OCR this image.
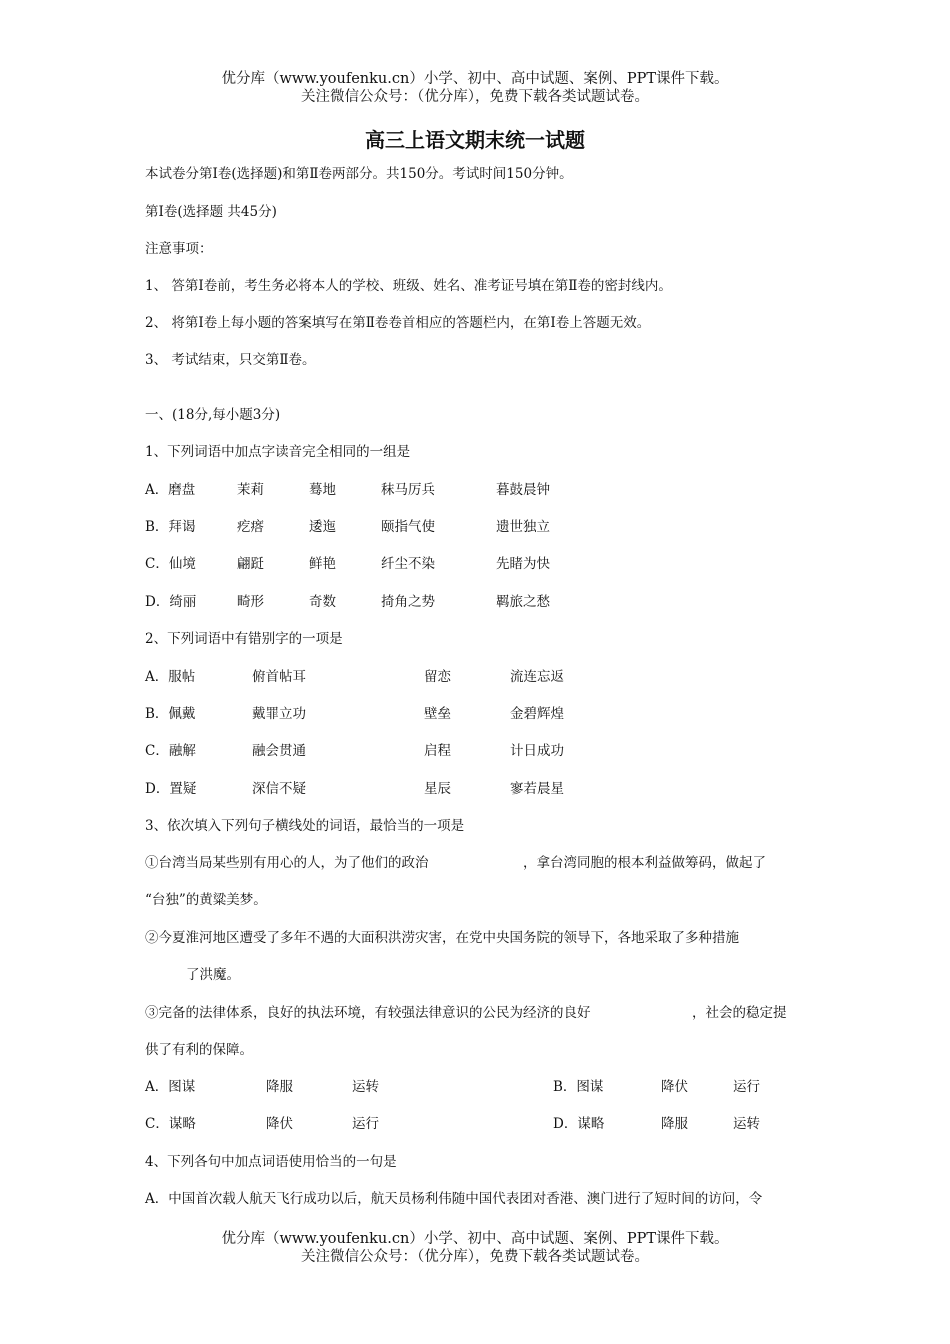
优分库（www.youfenku.cn）小学、初中、高中试题、案例、PPT课件下载。
关注微信公众号：（优分库），免费下载各类试题试卷。
高三上语文期末统一试题
本试卷分第Ⅰ卷(选择题)和第Ⅱ卷两部分。共150分。考试时间150分钟。
第Ⅰ卷(选择题 共45分)
注意事项：
1、 答第Ⅰ卷前，考生务必将本人的学校、班级、姓名、准考证号填在第Ⅱ卷的密封线内。
2、 将第Ⅰ卷上每小题的答案填写在第Ⅱ卷卷首相应的答题栏内，在第Ⅰ卷上答题无效。
3、 考试结束，只交第Ⅱ卷。
一、(18分,每小题3分)
1、下列词语中加点字读音完全相同的一组是
A．磨盘	茉莉	蓦地	秣马厉兵	暮鼓晨钟
B．拜谒	疙瘩	逶迤	颐指气使	遗世独立
C．仙境	翩跹	鲜艳	纤尘不染	先睹为快
D．绮丽	畸形	奇数	掎角之势	羁旅之愁
2、下列词语中有错别字的一项是
A．服帖	俯首帖耳	留恋	流连忘返
B．佩戴	戴罪立功	壁垒	金碧辉煌
C．融解	融会贯通	启程	计日成功
D．置疑	深信不疑	星辰	寥若晨星
3、依次填入下列句子横线处的词语，最恰当的一项是
①台湾当局某些别有用心的人，为了他们的政治	，拿台湾同胞的根本利益做筹码，做起了
“台独”的黄粱美梦。
②今夏淮河地区遭受了多年不遇的大面积洪涝灾害，在党中央国务院的领导下，各地采取了多种措施
了洪魔。
③完备的法律体系，良好的执法环境，有较强法律意识的公民为经济的良好	，社会的稳定提
供了有利的保障。
A．图谋	降服	运转	B．图谋	降伏	运行
C．谋略	降伏	运行	D．谋略	降服	运转
4、下列各句中加点词语使用恰当的一句是
A．中国首次载人航天飞行成功以后，航天员杨利伟随中国代表团对香港、澳门进行了短时间的访问，令
优分库（www.youfenku.cn）小学、初中、高中试题、案例、PPT课件下载。
关注微信公众号：（优分库），免费下载各类试题试卷。
